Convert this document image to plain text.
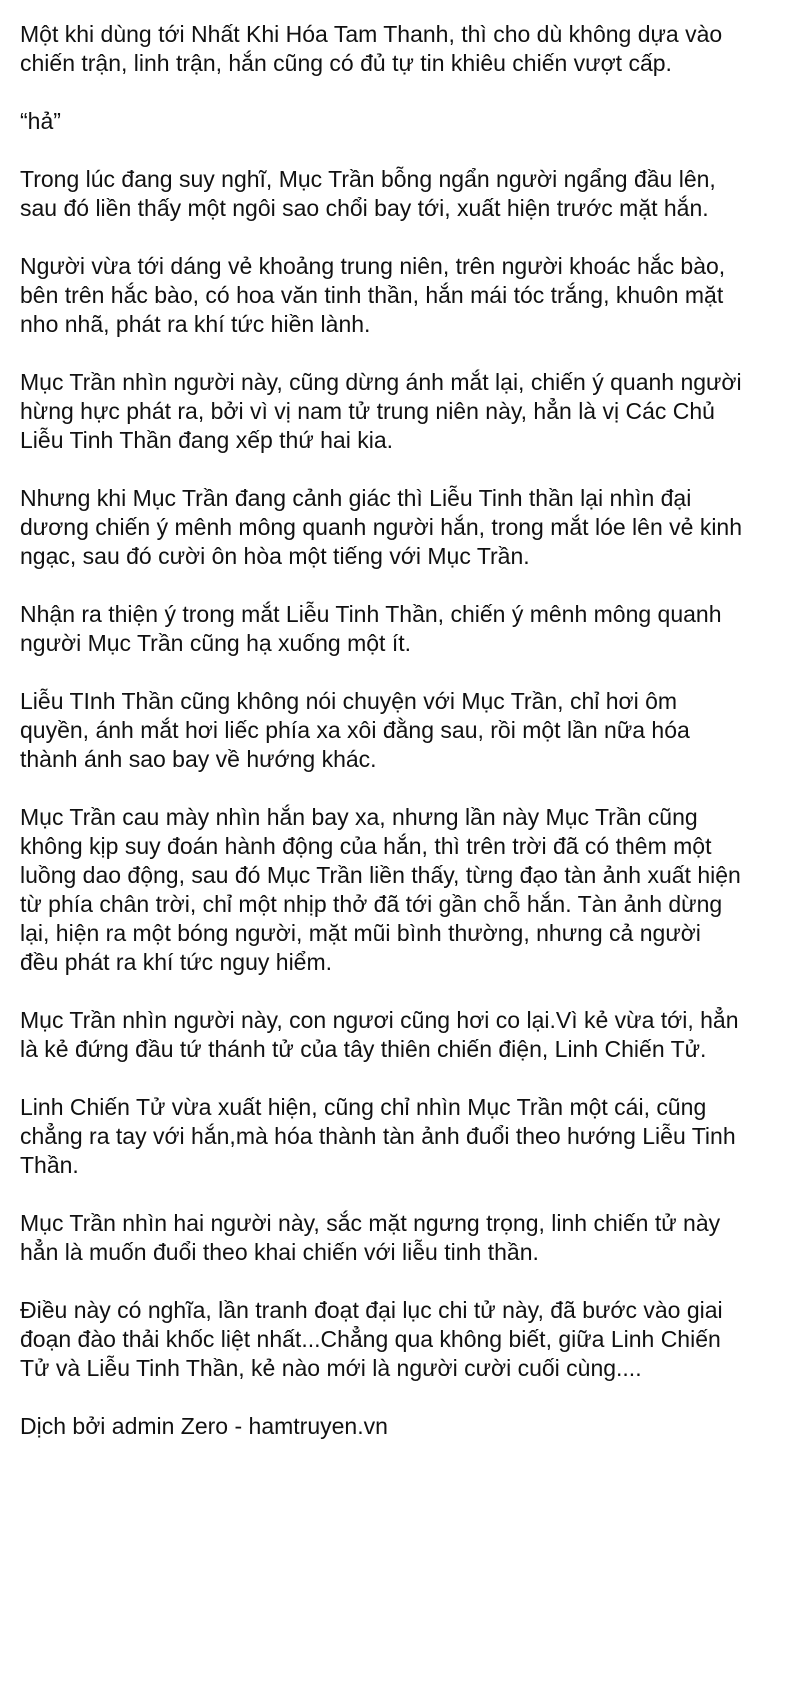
Một khi dùng tới Nhất Khi Hóa Tam Thanh, thì cho dù không dựa vào
chiến trận, linh trận, hắn cũng có đủ tự tin khiêu chiến vượt cấp.

“hả”

Trong lúc đang suy nghĩ, Mục Trần bỗng ngẩn người ngẩng đầu lên,
sau đó liền thấy một ngôi sao chổi bay tới, xuất hiện trước mặt hắn.

Người vừa tới dáng vẻ khoảng trung niên, trên người khoác hắc bào,
bên trên hắc bào, có hoa văn tinh thần, hắn mái tóc trắng, khuôn mặt
nho nhã, phát ra khí tức hiền lành.

Mục Trần nhìn người này, cũng dừng ánh mắt lại, chiến ý quanh người
hừng hực phát ra, bởi vì vị nam tử trung niên này, hẳn là vị Các Chủ
Liễu Tinh Thần đang xếp thứ hai kia.

Nhưng khi Mục Trần đang cảnh giác thì Liễu Tinh thần lại nhìn đại
dương chiến ý mênh mông quanh người hắn, trong mắt lóe lên vẻ kinh
ngạc, sau đó cười ôn hòa một tiếng với Mục Trần.

Nhận ra thiện ý trong mắt Liễu Tinh Thần, chiến ý mênh mông quanh
người Mục Trần cũng hạ xuống một ít.

Liễu TInh Thần cũng không nói chuyện với Mục Trần, chỉ hơi ôm
quyền, ánh mắt hơi liếc phía xa xôi đằng sau, rồi một lần nữa hóa
thành ánh sao bay về hướng khác.

Mục Trần cau mày nhìn hắn bay xa, nhưng lần này Mục Trần cũng
không kịp suy đoán hành động của hắn, thì trên trời đã có thêm một
luồng dao động, sau đó Mục Trần liền thấy, từng đạo tàn ảnh xuất hiện
từ phía chân trời, chỉ một nhịp thở đã tới gần chỗ hắn. Tàn ảnh dừng
lại, hiện ra một bóng người, mặt mũi bình thường, nhưng cả người
đều phát ra khí tức nguy hiểm.

Mục Trần nhìn người này, con ngươi cũng hơi co lại.Vì kẻ vừa tới, hẳn
là kẻ đứng đầu tứ thánh tử của tây thiên chiến điện, Linh Chiến Tử.

Linh Chiến Tử vừa xuất hiện, cũng chỉ nhìn Mục Trần một cái, cũng
chẳng ra tay với hắn,mà hóa thành tàn ảnh đuổi theo hướng Liễu Tinh
Thần.

Mục Trần nhìn hai người này, sắc mặt ngưng trọng, linh chiến tử này
hẳn là muốn đuổi theo khai chiến với liễu tinh thần.

Điều này có nghĩa, lần tranh đoạt đại lục chi tử này, đã bước vào giai
đoạn đào thải khốc liệt nhất...Chẳng qua không biết, giữa Linh Chiến
Tử và Liễu Tinh Thần, kẻ nào mới là người cười cuối cùng....

Dịch bởi admin Zero - hamtruyen.vn
